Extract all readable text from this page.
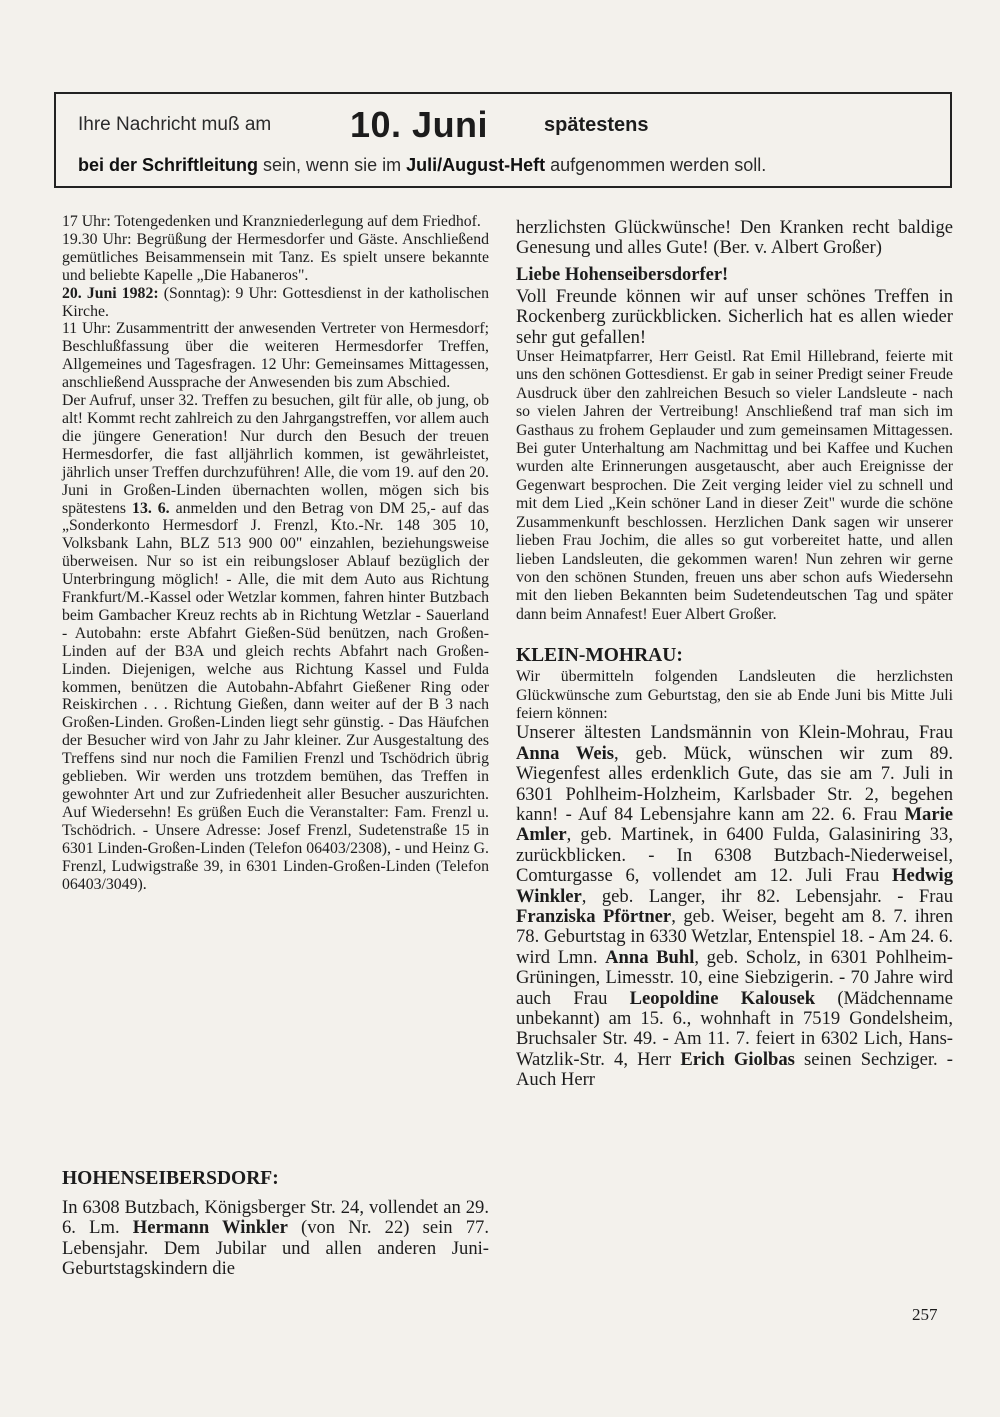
Ihre Nachricht muß am 10. Juni	spätestens
bei der Schriftleitung sein, wenn sie im Juli/August-Heft aufgenommen werden soll.

17 Uhr: Totengedenken und Kranzniederlegung auf dem Friedhof.

19.30 Uhr: Begrüßung der Hermesdorfer und Gäste. Anschließend gemütliches Beisammensein mit Tanz. Es spielt unsere bekannte und beliebte Kapelle „Die Habaneros".

20. Juni 1982: (Sonntag): 9 Uhr: Gottesdienst in der katholischen Kirche.

11 Uhr: Zusammentritt der anwesenden Vertreter von Hermesdorf; Beschlußfassung über die weiteren Hermesdorfer Treffen, Allgemeines und Tagesfragen. 12 Uhr: Gemeinsames Mittagessen, anschließend Aussprache der Anwesenden bis zum Abschied.

Der Aufruf, unser 32. Treffen zu besuchen, gilt für alle, ob jung, ob alt! Kommt recht zahlreich zu den Jahrgangstreffen, vor allem auch die jüngere Generation! Nur durch den Besuch der treuen Hermesdorfer, die fast alljährlich kommen, ist gewährleistet, jährlich unser Treffen durchzuführen! Alle, die vom 19. auf den 20. Juni in Großen-Linden übernachten wollen, mögen sich bis spätestens 13. 6. anmelden und den Betrag von DM 25,- auf das „Sonderkonto Hermesdorf J. Frenzl, Kto.-Nr. 148 305 10, Volksbank Lahn, BLZ 513 900 00" einzahlen, beziehungsweise überweisen. Nur so ist ein reibungsloser Ablauf bezüglich der Unterbringung möglich! - Alle, die mit dem Auto aus Richtung Frankfurt/M.-Kassel oder Wetzlar kommen, fahren hinter Butzbach beim Gambacher Kreuz rechts ab in Richtung Wetzlar - Sauerland - Autobahn: erste Abfahrt Gießen-Süd benützen, nach Großen-Linden auf der B3A und gleich rechts Abfahrt nach Großen-Linden. Diejenigen, welche aus Richtung Kassel und Fulda kommen, benützen die Autobahn-Abfahrt Gießener Ring oder Reiskirchen . . . Richtung Gießen, dann weiter auf der B 3 nach Großen-Linden. Großen-Linden liegt sehr günstig. - Das Häufchen der Besucher wird von Jahr zu Jahr kleiner. Zur Ausgestaltung des Treffens sind nur noch die Familien Frenzl und Tschödrich übrig geblieben. Wir werden uns trotzdem bemühen, das Treffen in gewohnter Art und zur Zufriedenheit aller Besucher auszurichten. Auf Wiedersehn! Es grüßen Euch die Veranstalter: Fam. Frenzl u. Tschödrich. - Unsere Adresse: Josef Frenzl, Sudetenstraße 15 in 6301 Linden-Großen-Linden (Telefon 06403/2308), - und Heinz G. Frenzl, Ludwigstraße 39, in 6301 Linden-Großen-Linden (Telefon 06403/3049).

HOHENSEIBERSDORF:

In 6308 Butzbach, Königsberger Str. 24, vollendet an 29. 6. Lm. Hermann Winkler (von Nr. 22) sein 77. Lebensjahr. Dem Jubilar und allen anderen Juni-Geburtstagskindern die

herzlichsten Glückwünsche! Den Kranken recht baldige Genesung und alles Gute! (Ber. v. Albert Großer)

Liebe Hohenseibersdorfer!

Voll Freunde können wir auf unser schönes Treffen in Rockenberg zurückblicken. Sicherlich hat es allen wieder sehr gut gefallen!

Unser Heimatpfarrer, Herr Geistl. Rat Emil Hillebrand, feierte mit uns den schönen Gottesdienst. Er gab in seiner Predigt seiner Freude Ausdruck über den zahlreichen Besuch so vieler Landsleute - nach so vielen Jahren der Vertreibung! Anschließend traf man sich im Gasthaus zu frohem Geplauder und zum gemeinsamen Mittagessen. Bei guter Unterhaltung am Nachmittag und bei Kaffee und Kuchen wurden alte Erinnerungen ausgetauscht, aber auch Ereignisse der Gegenwart besprochen. Die Zeit verging leider viel zu schnell und mit dem Lied „Kein schöner Land in dieser Zeit" wurde die schöne Zusammenkunft beschlossen. Herzlichen Dank sagen wir unserer lieben Frau Jochim, die alles so gut vorbereitet hatte, und allen lieben Landsleuten, die gekommen waren! Nun zehren wir gerne von den schönen Stunden, freuen uns aber schon aufs Wiedersehn mit den lieben Bekannten beim Sudetendeutschen Tag und später dann beim Annafest! Euer Albert Großer.

KLEIN-MOHRAU:

Wir übermitteln folgenden Landsleuten die herzlichsten Glückwünsche zum Geburtstag, den sie ab Ende Juni bis Mitte Juli feiern können:

Unserer ältesten Landsmännin von Klein-Mohrau, Frau Anna Weis, geb. Mück, wünschen wir zum 89. Wiegenfest alles erdenklich Gute, das sie am 7. Juli in 6301 Pohlheim-Holzheim, Karlsbader Str. 2, begehen kann! - Auf 84 Lebensjahre kann am 22. 6. Frau Marie Amler, geb. Martinek, in 6400 Fulda, Galasiniring 33, zurückblicken. - In 6308 Butzbach-Niederweisel, Comturgasse 6, vollendet am 12. Juli Frau Hedwig Winkler, geb. Langer, ihr 82. Lebensjahr. - Frau Franziska Pförtner, geb. Weiser, begeht am 8. 7. ihren 78. Geburtstag in 6330 Wetzlar, Entenspiel 18. - Am 24. 6. wird Lmn. Anna Buhl, geb. Scholz, in 6301 Pohlheim-Grüningen, Limesstr. 10, eine Siebzigerin. - 70 Jahre wird auch Frau Leopoldine Kalousek (Mädchenname unbekannt) am 15. 6., wohnhaft in 7519 Gondelsheim, Bruchsaler Str. 49. - Am 11. 7. feiert in 6302 Lich, Hans-Watzlik-Str. 4, Herr Erich Giolbas seinen Sechziger. - Auch Herr

257
